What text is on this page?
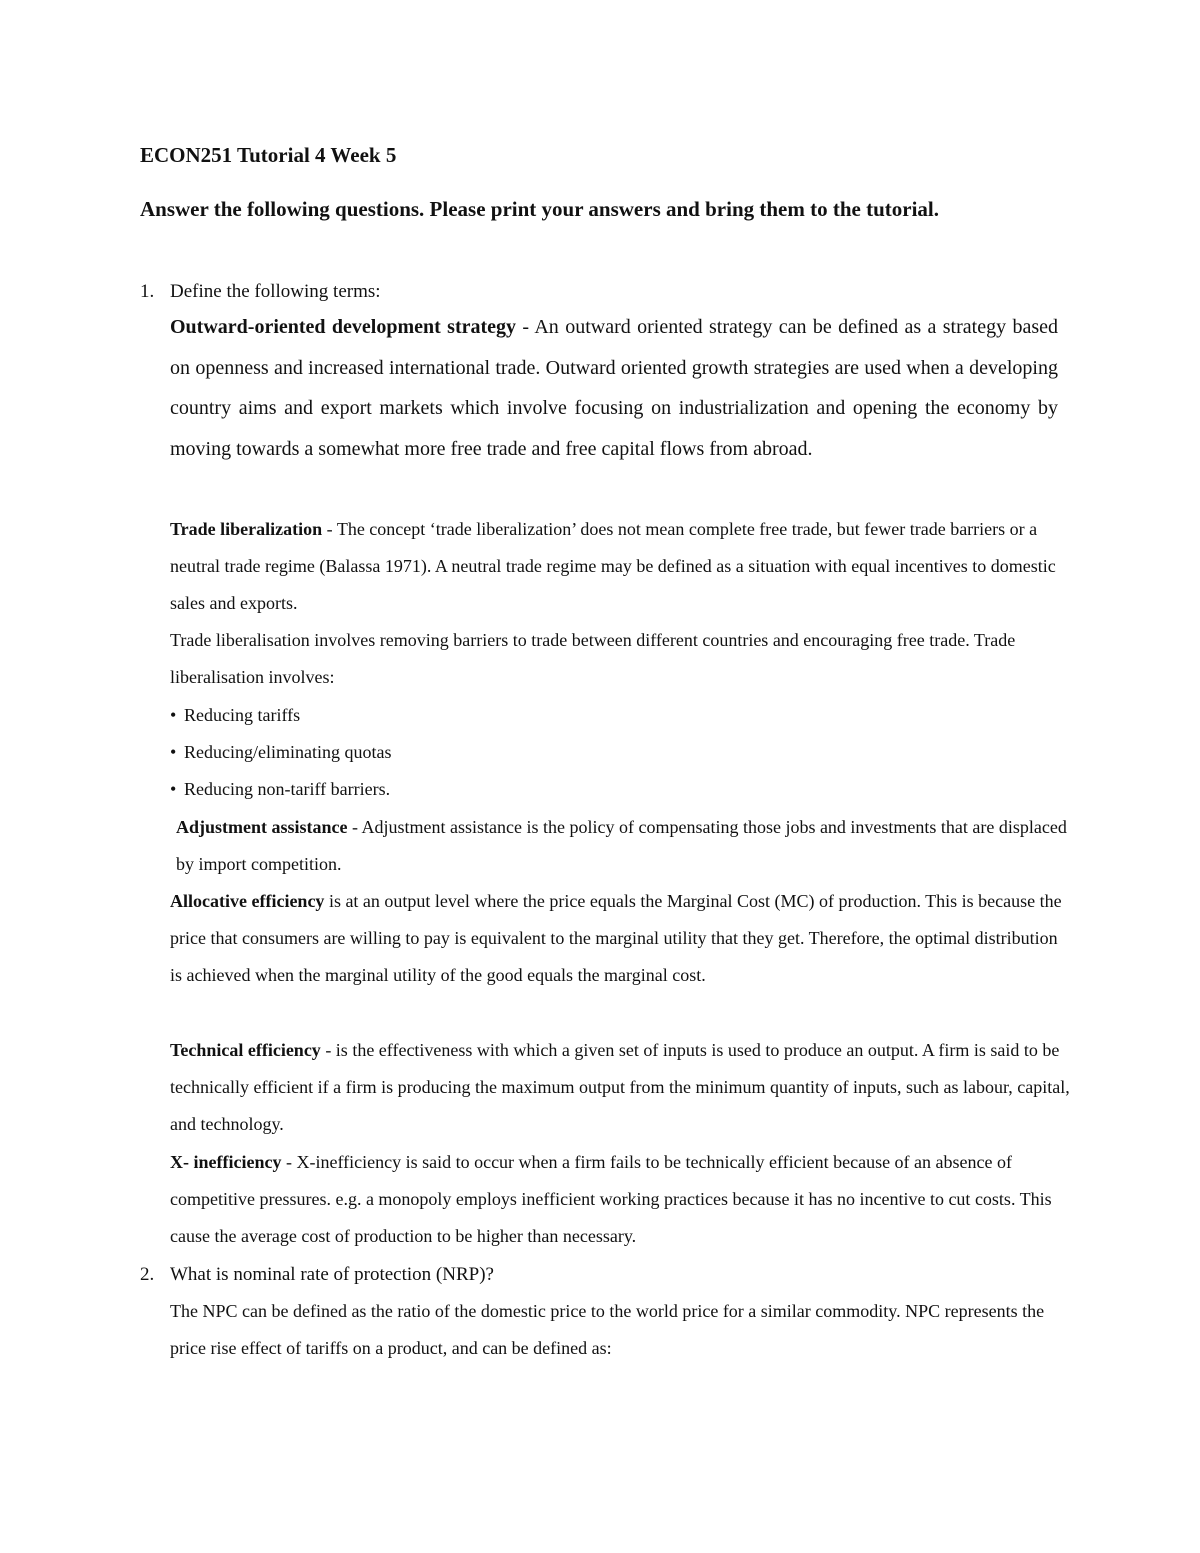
ECON251 Tutorial 4 Week 5

Answer the following questions. Please print your answers and bring them to the tutorial.

1. Define the following terms:

Outward-oriented development strategy - An outward oriented strategy can be defined as a strategy based on openness and increased international trade. Outward oriented growth strategies are used when a developing country aims and export markets which involve focusing on industrialization and opening the economy by moving towards a somewhat more free trade and free capital flows from abroad.

Trade liberalization - The concept ‘trade liberalization’ does not mean complete free trade, but fewer trade barriers or a neutral trade regime (Balassa 1971). A neutral trade regime may be defined as a situation with equal incentives to domestic sales and exports.

Trade liberalisation involves removing barriers to trade between different countries and encouraging free trade. Trade liberalisation involves:

• Reducing tariffs
• Reducing/eliminating quotas
• Reducing non-tariff barriers.

Adjustment assistance - Adjustment assistance is the policy of compensating those jobs and investments that are displaced by import competition.

Allocative efficiency is at an output level where the price equals the Marginal Cost (MC) of production. This is because the price that consumers are willing to pay is equivalent to the marginal utility that they get. Therefore, the optimal distribution is achieved when the marginal utility of the good equals the marginal cost.

Technical efficiency - is the effectiveness with which a given set of inputs is used to produce an output. A firm is said to be technically efficient if a firm is producing the maximum output from the minimum quantity of inputs, such as labour, capital, and technology.

X- inefficiency - X-inefficiency is said to occur when a firm fails to be technically efficient because of an absence of competitive pressures. e.g. a monopoly employs inefficient working practices because it has no incentive to cut costs. This cause the average cost of production to be higher than necessary.

2. What is nominal rate of protection (NRP)?

The NPC can be defined as the ratio of the domestic price to the world price for a similar commodity. NPC represents the price rise effect of tariffs on a product, and can be defined as:
